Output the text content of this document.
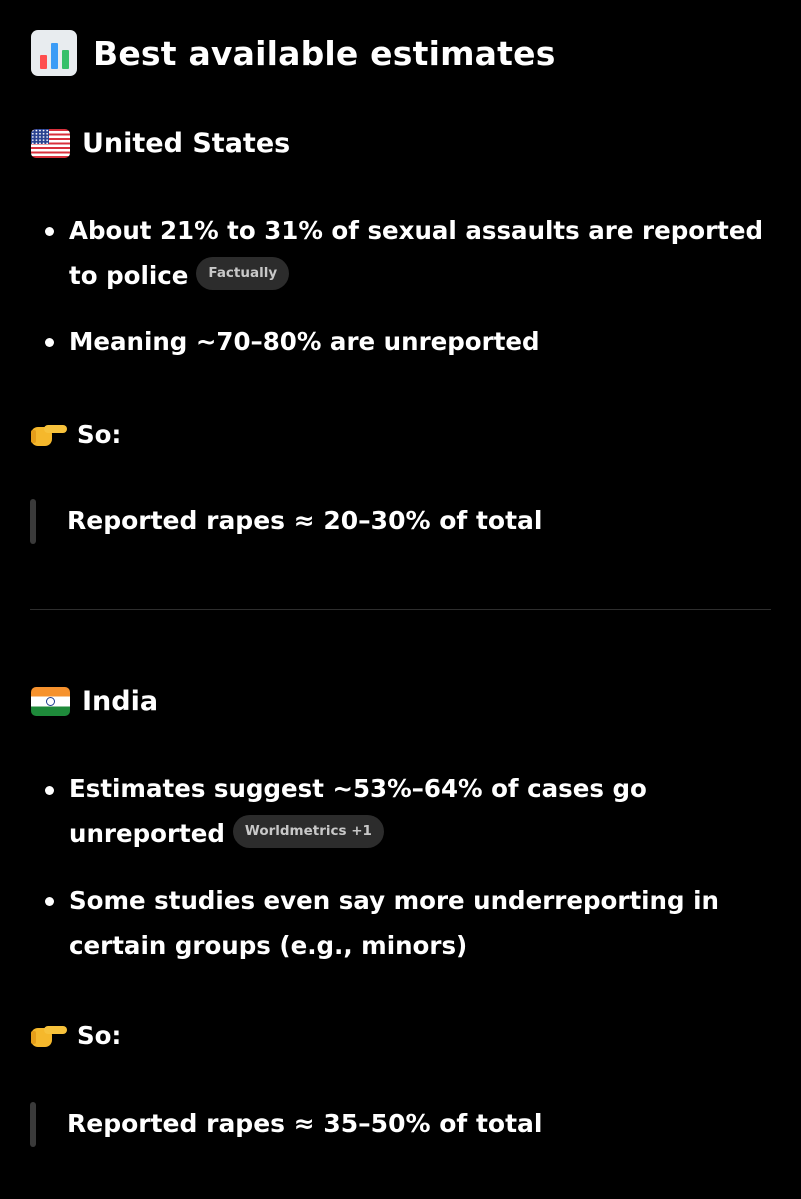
Best available estimates
United States
About 21% to 31% of sexual assaults are reported to police Factually
Meaning ~70–80% are unreported
So:
Reported rapes ≈ 20–30% of total
India
Estimates suggest ~53%–64% of cases go unreported Worldmetrics +1
Some studies even say more underreporting in certain groups (e.g., minors)
So:
Reported rapes ≈ 35–50% of total
